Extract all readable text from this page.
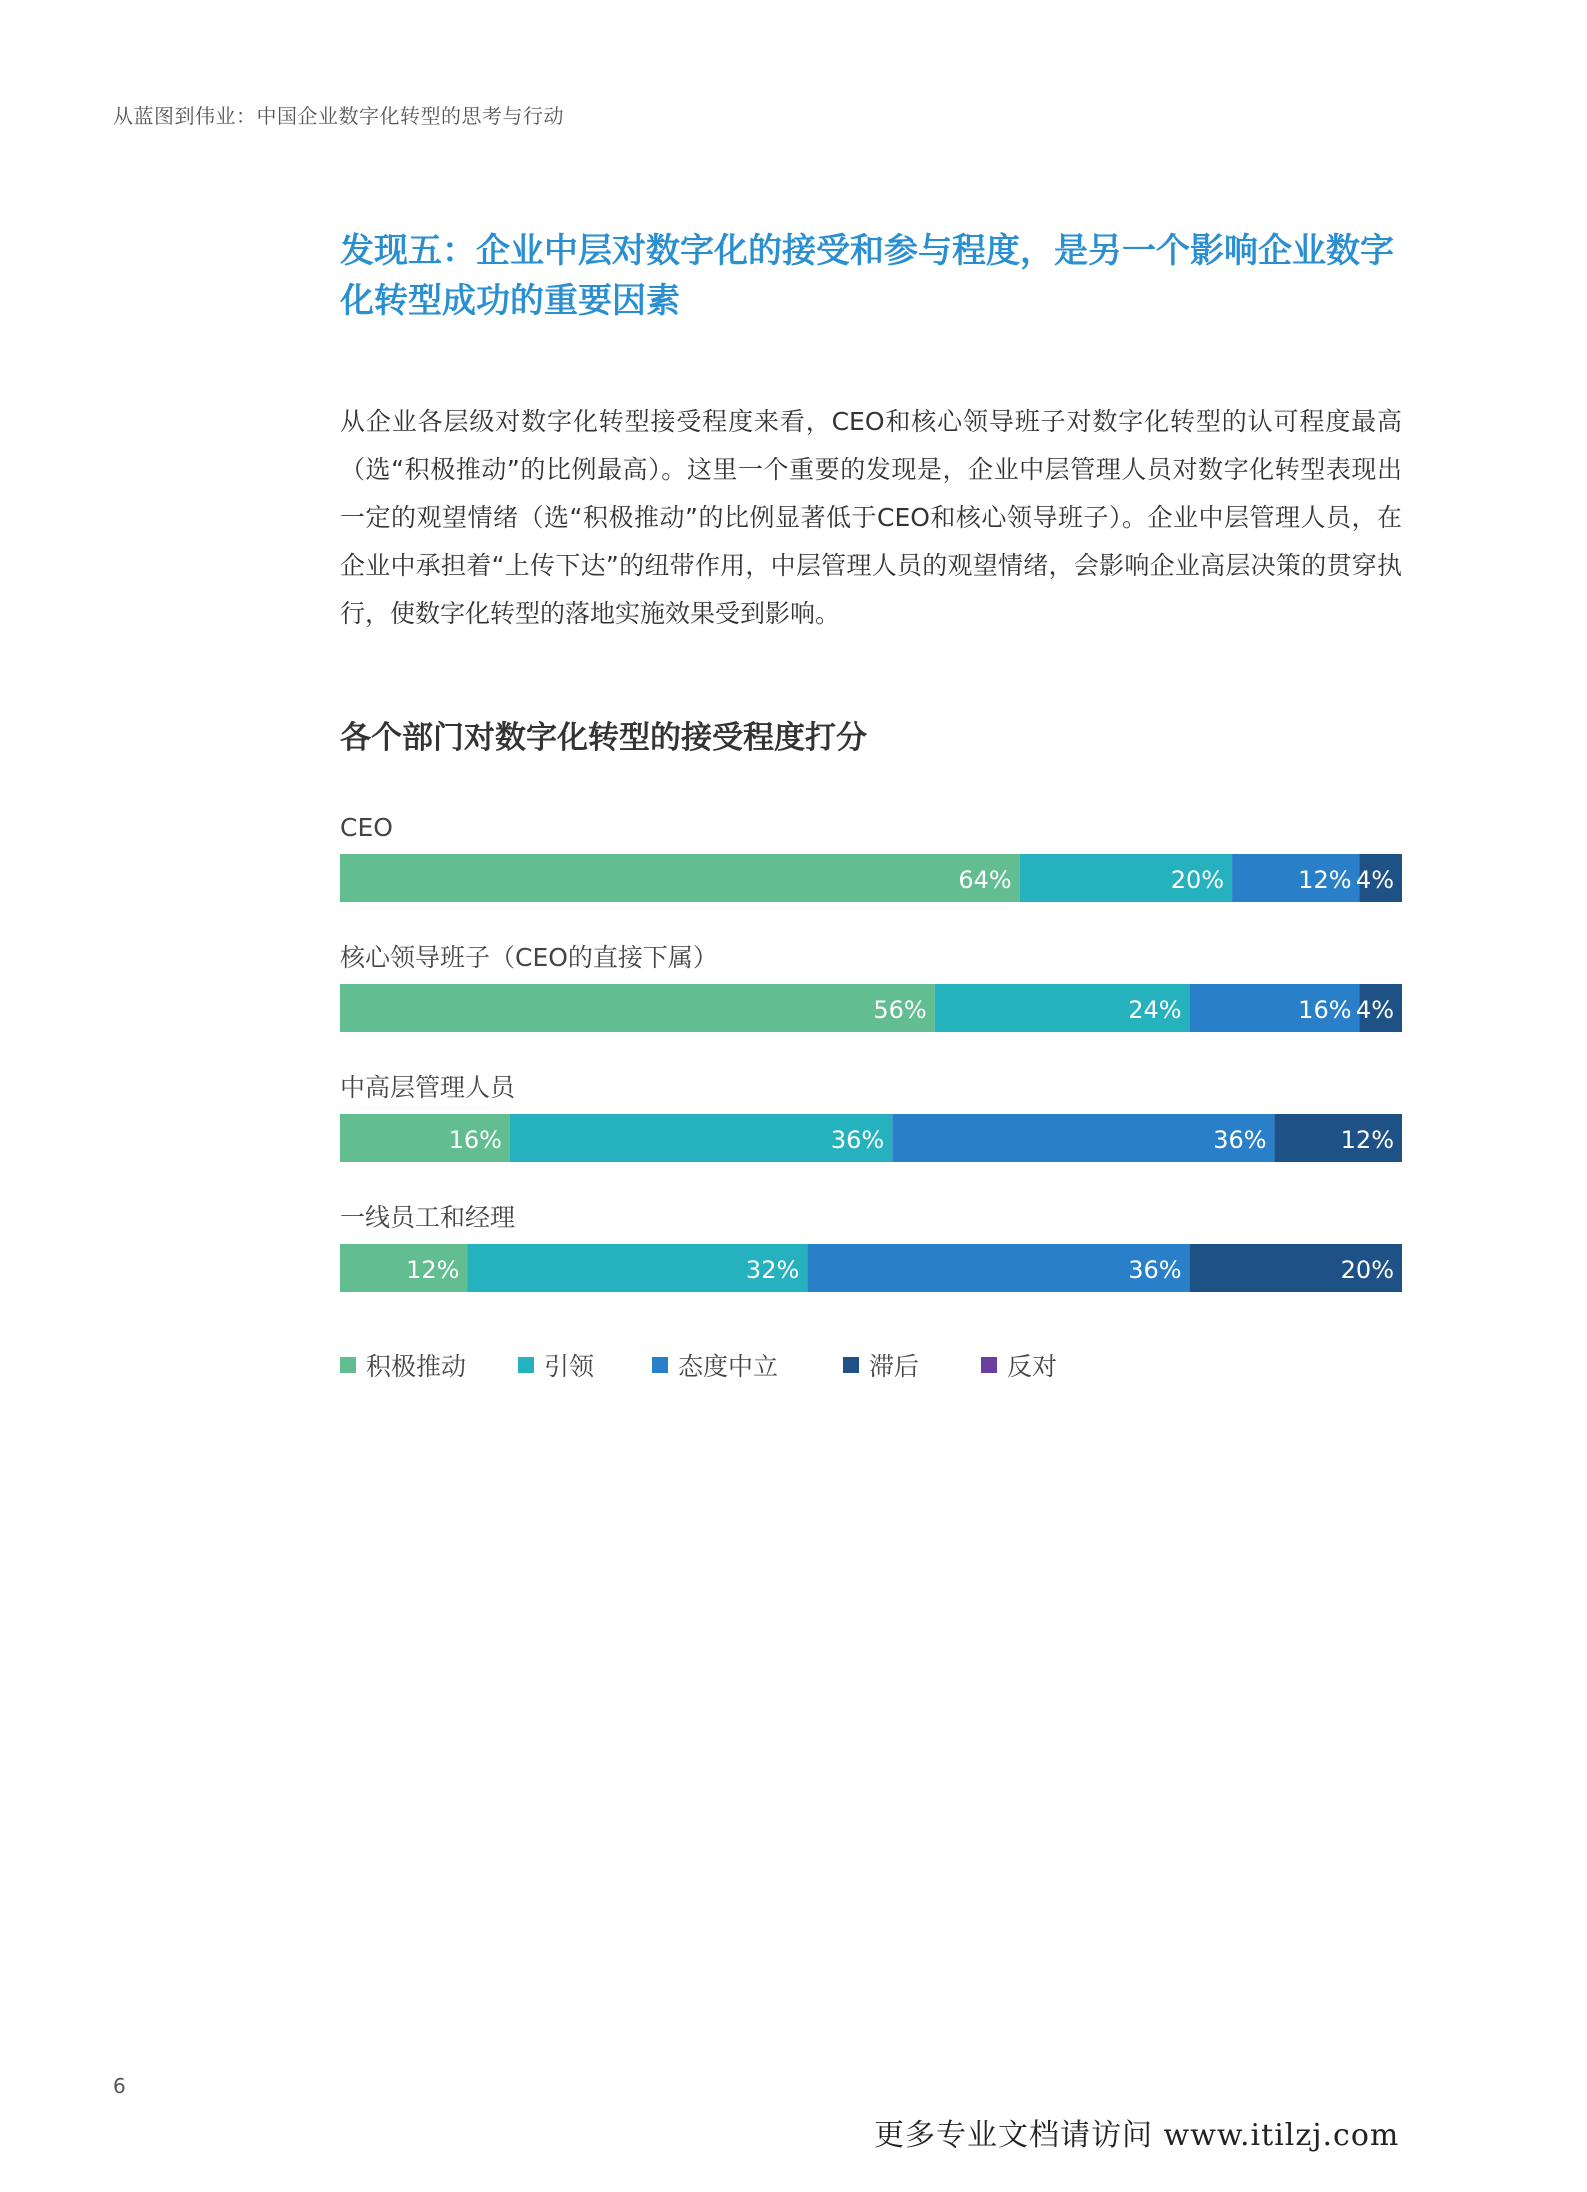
从蓝图到伟业：中国企业数字化转型的思考与行动
发现五：企业中层对数字化的接受和参与程度，是另一个影响企业数字化转型成功的重要因素

从企业各层级对数字化转型接受程度来看，CEO和核心领导班子对数字化转型的认可程度最高（选“积极推动”的比例最高）。这里一个重要的发现是，企业中层管理人员对数字化转型表现出一定的观望情绪（选“积极推动”的比例显著低于CEO和核心领导班子）。企业中层管理人员，在企业中承担着“上传下达”的纽带作用，中层管理人员的观望情绪，会影响企业高层决策的贯穿执行，使数字化转型的落地实施效果受到影响。

各个部门对数字化转型的接受程度打分
CEO
64%	20%	12% 4%
核心领导班子（CEO的直接下属）
56%	24%	16% 4%
中高层管理人员
16%	36%	36%	12%
一线员工和经理
12%	32%	36%	20%
积极推动	引领	态度中立	滞后	反对
6
更多专业文档请访问 www.itilzj.com
